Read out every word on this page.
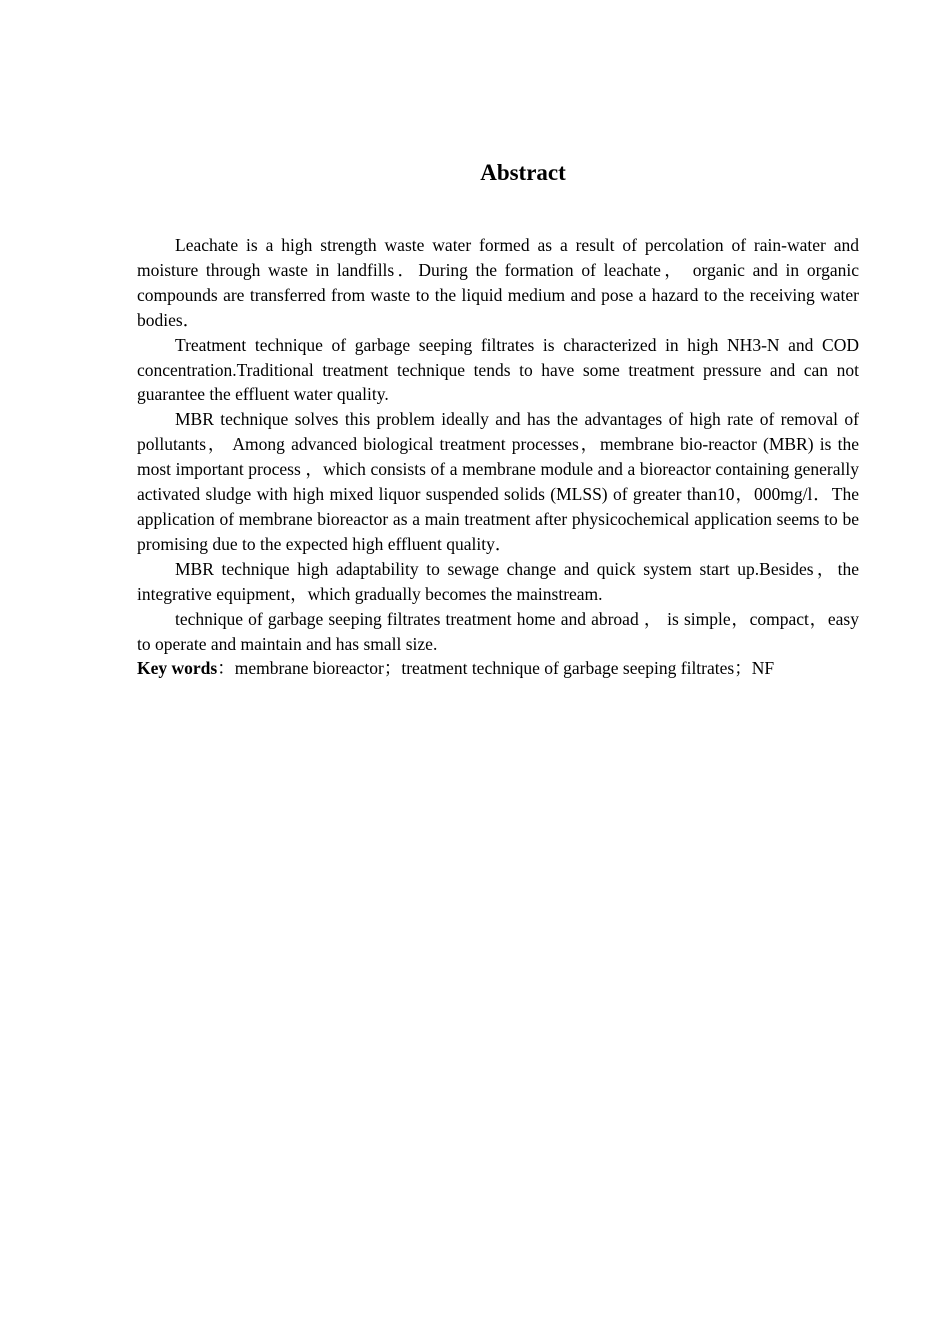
Abstract

Leachate is a high strength waste water formed as a result of percolation of rain-water and moisture through waste in landfills．During the formation of leachate， organic and in organic compounds are transferred from waste to the liquid medium and pose a hazard to the receiving water bodies．

Treatment technique of garbage seeping filtrates is characterized in high NH3-N and COD concentration.Traditional treatment technique tends to have some treatment pressure and can not guarantee the effluent water quality.

MBR technique solves this problem ideally and has the advantages of high rate of removal of pollutants， Among advanced biological treatment processes，membrane bio-reactor (MBR) is the most important process ，which consists of a membrane module and a bioreactor containing generally activated sludge with high mixed liquor suspended solids (MLSS) of greater than10，000mg/l．The application of membrane bioreactor as a main treatment after physicochemical application seems to be promising due to the expected high effluent quality．

MBR technique high adaptability to sewage change and quick system start up.Besides，the integrative equipment，which gradually becomes the mainstream.

technique of garbage seeping filtrates treatment home and abroad ， is simple，compact，easy to operate and maintain and has small size.

Key words：membrane bioreactor；treatment technique of garbage seeping filtrates；NF
